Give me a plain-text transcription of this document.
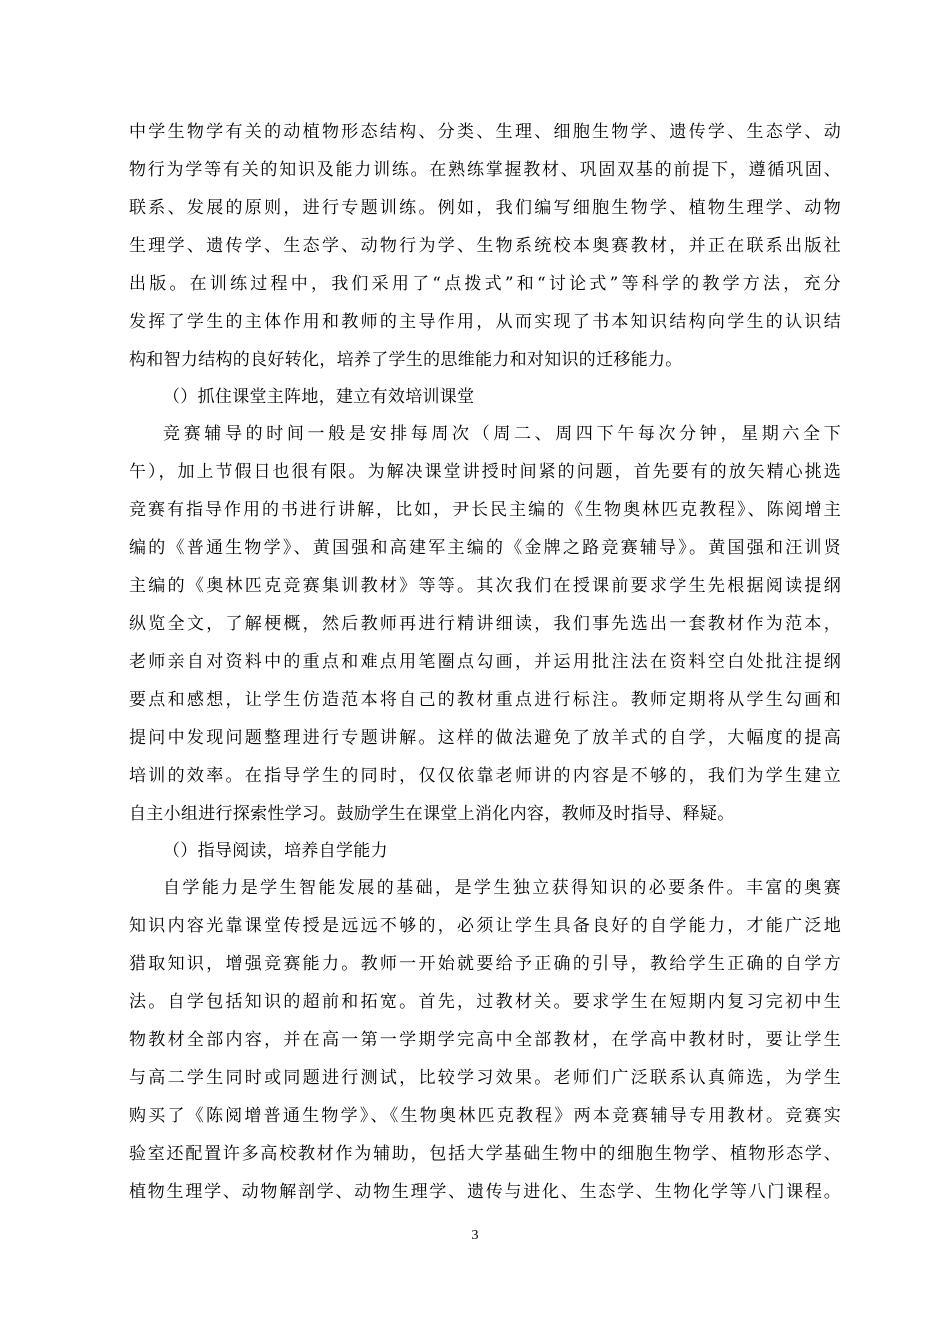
中学生物学有关的动植物形态结构、分类、生理、细胞生物学、遗传学、生态学、动
物行为学等有关的知识及能力训练。在熟练掌握教材、巩固双基的前提下，遵循巩固、
联系、发展的原则，进行专题训练。例如，我们编写细胞生物学、植物生理学、动物
生理学、遗传学、生态学、动物行为学、生物系统校本奥赛教材，并正在联系出版社
出版。在训练过程中，我们采用了“点拨式”和“讨论式”等科学的教学方法，充分
发挥了学生的主体作用和教师的主导作用，从而实现了书本知识结构向学生的认识结
构和智力结构的良好转化，培养了学生的思维能力和对知识的迁移能力。
（）抓住课堂主阵地，建立有效培训课堂
竞赛辅导的时间一般是安排每周次（周二、周四下午每次分钟，星期六全下
午），加上节假日也很有限。为解决课堂讲授时间紧的问题，首先要有的放矢精心挑选
竞赛有指导作用的书进行讲解，比如，尹长民主编的《生物奥林匹克教程》、陈阅增主
编的《普通生物学》、黄国强和高建军主编的《金牌之路竞赛辅导》。黄国强和汪训贤
主编的《奥林匹克竞赛集训教材》等等。其次我们在授课前要求学生先根据阅读提纲
纵览全文，了解梗概，然后教师再进行精讲细读，我们事先选出一套教材作为范本，
老师亲自对资料中的重点和难点用笔圈点勾画，并运用批注法在资料空白处批注提纲
要点和感想，让学生仿造范本将自己的教材重点进行标注。教师定期将从学生勾画和
提问中发现问题整理进行专题讲解。这样的做法避免了放羊式的自学，大幅度的提高
培训的效率。在指导学生的同时，仅仅依靠老师讲的内容是不够的，我们为学生建立
自主小组进行探索性学习。鼓励学生在课堂上消化内容，教师及时指导、释疑。
（）指导阅读，培养自学能力
自学能力是学生智能发展的基础，是学生独立获得知识的必要条件。丰富的奥赛
知识内容光靠课堂传授是远远不够的，必须让学生具备良好的自学能力，才能广泛地
猎取知识，增强竞赛能力。教师一开始就要给予正确的引导，教给学生正确的自学方
法。自学包括知识的超前和拓宽。首先，过教材关。要求学生在短期内复习完初中生
物教材全部内容，并在高一第一学期学完高中全部教材，在学高中教材时，要让学生
与高二学生同时或同题进行测试，比较学习效果。老师们广泛联系认真筛选，为学生
购买了《陈阅增普通生物学》、《生物奥林匹克教程》两本竞赛辅导专用教材。竞赛实
验室还配置许多高校教材作为辅助，包括大学基础生物中的细胞生物学、植物形态学、
植物生理学、动物解剖学、动物生理学、遗传与进化、生态学、生物化学等八门课程。
3
